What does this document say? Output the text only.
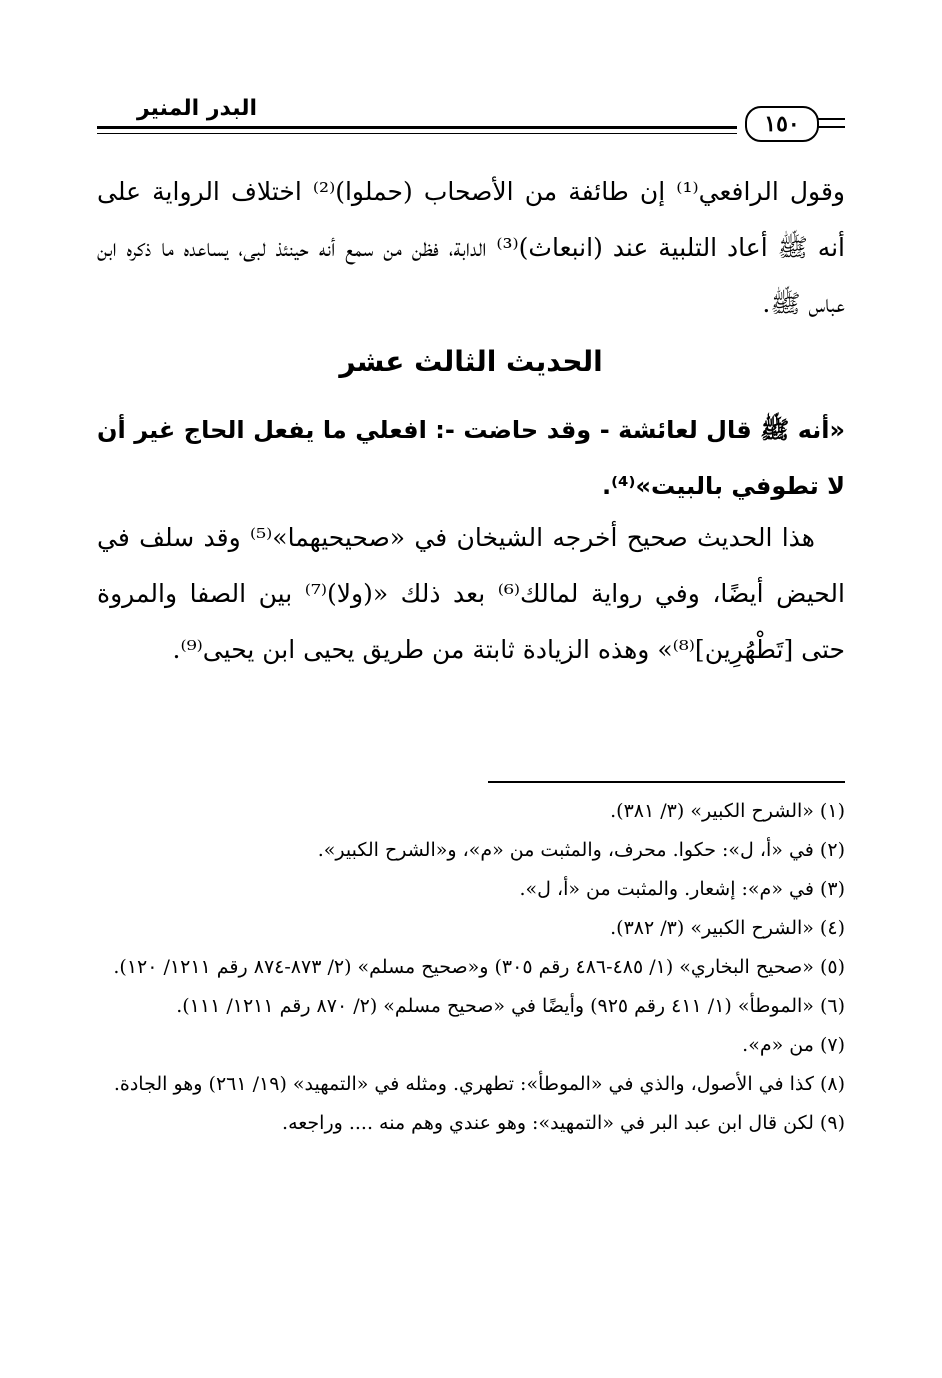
البدر المنير
١٥٠

وقول الرافعي⁽¹⁾ إن طائفة من الأصحاب (حملوا)⁽²⁾ اختلاف الرواية على أنه ﷺ أعاد التلبية عند (انبعاث)⁽³⁾ الدابة، فظن من سمع أنه حينئذ لبى، يساعده ما ذكره ابن عباس ﷺ.

الحديث الثالث عشر

«أنه ﷺ قال لعائشة - وقد حاضت -: افعلي ما يفعل الحاج غير أن لا تطوفي بالبيت»⁽⁴⁾.

هذا الحديث صحيح أخرجه الشيخان في «صحيحيهما»⁽⁵⁾ وقد سلف في الحيض أيضًا، وفي رواية لمالك⁽⁶⁾ بعد ذلك «(ولا)⁽⁷⁾ بين الصفا والمروة حتى [تَطْهُرِين]⁽⁸⁾» وهذه الزيادة ثابتة من طريق يحيى ابن يحيى⁽⁹⁾.

(١) «الشرح الكبير» (٣/ ٣٨١).

(٢) في «أ، ل»: حكوا. محرف، والمثبت من «م»، و«الشرح الكبير».

(٣) في «م»: إشعار. والمثبت من «أ، ل».

(٤) «الشرح الكبير» (٣/ ٣٨٢).

(٥) «صحيح البخاري» (١/ ٤٨٥-٤٨٦ رقم ٣٠٥) و«صحيح مسلم» (٢/ ٨٧٣-٨٧٤ رقم ١٢١١/ ١٢٠).

(٦) «الموطأ» (١/ ٤١١ رقم ٩٢٥) وأيضًا في «صحيح مسلم» (٢/ ٨٧٠ رقم ١٢١١/ ١١١).

(٧) من «م».

(٨) كذا في الأصول، والذي في «الموطأ»: تطهري. ومثله في «التمهيد» (١٩/ ٢٦١) وهو الجادة.

(٩) لكن قال ابن عبد البر في «التمهيد»: وهو عندي وهم منه .... وراجعه.
